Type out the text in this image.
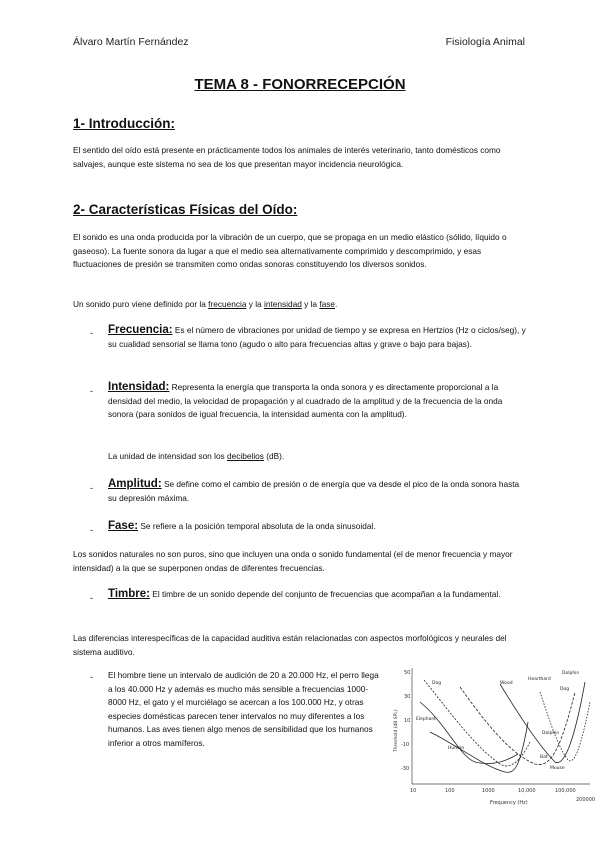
Álvaro Martín Fernández	Fisiología Animal
TEMA 8 - FONORRECEPCIÓN
1- Introducción:
El sentido del oído está presente en prácticamente todos los animales de interés veterinario, tanto domésticos como salvajes, aunque este sistema no sea de los que presentan mayor incidencia neurológica.
2- Características Físicas del Oído:
El sonido es una onda producida por la vibración de un cuerpo, que se propaga en un medio elástico (sólido, líquido o gaseoso). La fuente sonora da lugar a que el medio sea alternativamente comprimido y descomprimido, y esas fluctuaciones de presión se transmiten como ondas sonoras constituyendo los diversos sonidos.
Un sonido puro viene definido por la frecuencia y la intensidad y la fase.
- Frecuencia: Es el número de vibraciones por unidad de tiempo y se expresa en Hertzios (Hz o ciclos/seg), y su cualidad sensorial se llama tono (agudo o alto para frecuencias altas y grave o bajo para bajas).
- Intensidad: Representa la energía que transporta la onda sonora y es directamente proporcional a la densidad del medio, la velocidad de propagación y al cuadrado de la amplitud y de la frecuencia de la onda sonora (para sonidos de igual frecuencia, la intensidad aumenta con la amplitud).
La unidad de intensidad son los decibelios (dB).
- Amplitud: Se define como el cambio de presión o de energía que va desde el pico de la onda sonora hasta su depresión máxima.
- Fase: Se refiere a la posición temporal absoluta de la onda sinusoidal.
Los sonidos naturales no son puros, sino que incluyen una onda o sonido fundamental (el de menor frecuencia y mayor intensidad) a la que se superponen ondas de diferentes frecuencias.
- Timbre: El timbre de un sonido depende del conjunto de frecuencias que acompañan a la fundamental.
Las diferencias interespecíficas de la capacidad auditiva están relacionadas con aspectos morfológicos y neurales del sistema auditivo.
- El hombre tiene un intervalo de audición de 20 a 20.000 Hz, el perro llega a los 40.000 Hz y además es mucho más sensible a frecuencias 1000-8000 Hz, el gato y el murciélago se acercan a los 100.000 Hz, y otras especies domésticas parecen tener intervalos no muy diferentes a los humanos. Las aves tienen algo menos de sensibilidad que los humanos inferior a otros mamíferos.
50
30
10
-10
-30
10	100	1000	10,000	100,000
200000
Frequency (Hz)
Threshold (dB SPL)
Dog
Elephant
Human
Wood
Hearthard
Dolphin
Dolphin
Dog
Mouse
Bat
